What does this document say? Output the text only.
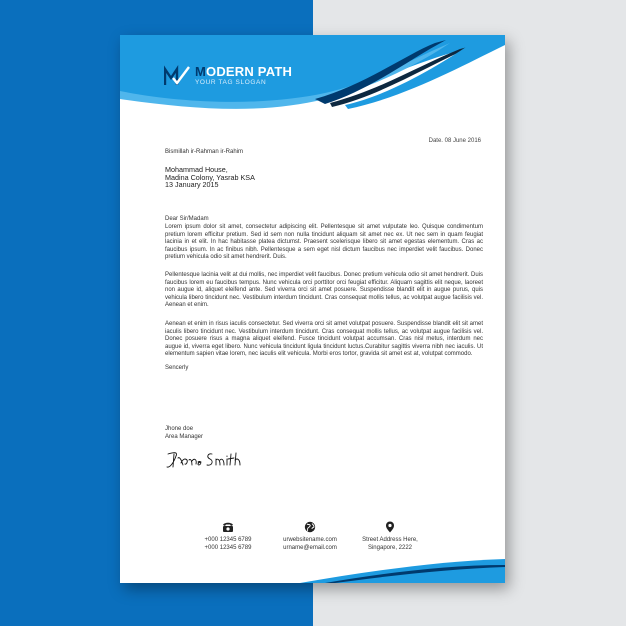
MODERN PATH
YOUR TAG SLOGAN
Date. 08 June 2016
Bismillah ir-Rahman ir-Rahim
Mohammad House,
Madina Colony, Yasrab KSA
13 January 2015
Dear Sir/Madam
Lorem ipsum dolor sit amet, consectetur adipiscing elit. Pellentesque sit amet vulputate leo. Quisque condimentum pretium lorem efficitur pretium. Sed id sem non nulla tincidunt aliquam sit amet nec ex. Ut nec sem in quam feugiat lacinia in et elit. In hac habitasse platea dictumst. Praesent scelerisque libero sit amet egestas elementum. Cras ac faucibus ipsum. In ac finibus nibh. Pellentesque a sem eget nisl dictum faucibus nec imperdiet velit faucibus. Donec pretium vehicula odio sit amet hendrerit. Duis.
Pellentesque lacinia velit at dui mollis, nec imperdiet velit faucibus. Donec pretium vehicula odio sit amet hendrerit. Duis faucibus lorem eu faucibus tempus. Nunc vehicula orci porttitor orci feugiat efficitur. Aliquam sagittis elit neque, laoreet non augue id, aliquet eleifend ante. Sed viverra orci sit amet posuere. Suspendisse blandit elit in augue purus, quis vehicula libero tincidunt nec. Vestibulum interdum tincidunt. Cras consequat mollis tellus, ac volutpat augue facilisis vel. Aenean et enim.
Aenean et enim in risus iaculis consectetur. Sed viverra orci sit amet volutpat posuere. Suspendisse blandit elit sit amet iaculis libero tincidunt nec. Vestibulum interdum tincidunt. Cras consequat mollis tellus, ac volutpat augue facilisis vel. Donec posuere risus a magna aliquet eleifend. Fusce tincidunt volutpat accumsan. Cras nisl metus, interdum nec augue id, viverra eget libero. Nunc vehicula tincidunt ligula tincidunt luctus.Curabitur sagittis viverra nibh nec iaculis. Ut elementum sapien vitae lorem, nec iaculis elit vehicula. Morbi eros tortor, gravida sit amet est at, volutpat commodo.
Sencerly
Jhone doe
Area Manager
+000 12345 6789
+000 12345 6789
urwebsitename.com
urname@email.com
Street Address Here,
Singapore, 2222
